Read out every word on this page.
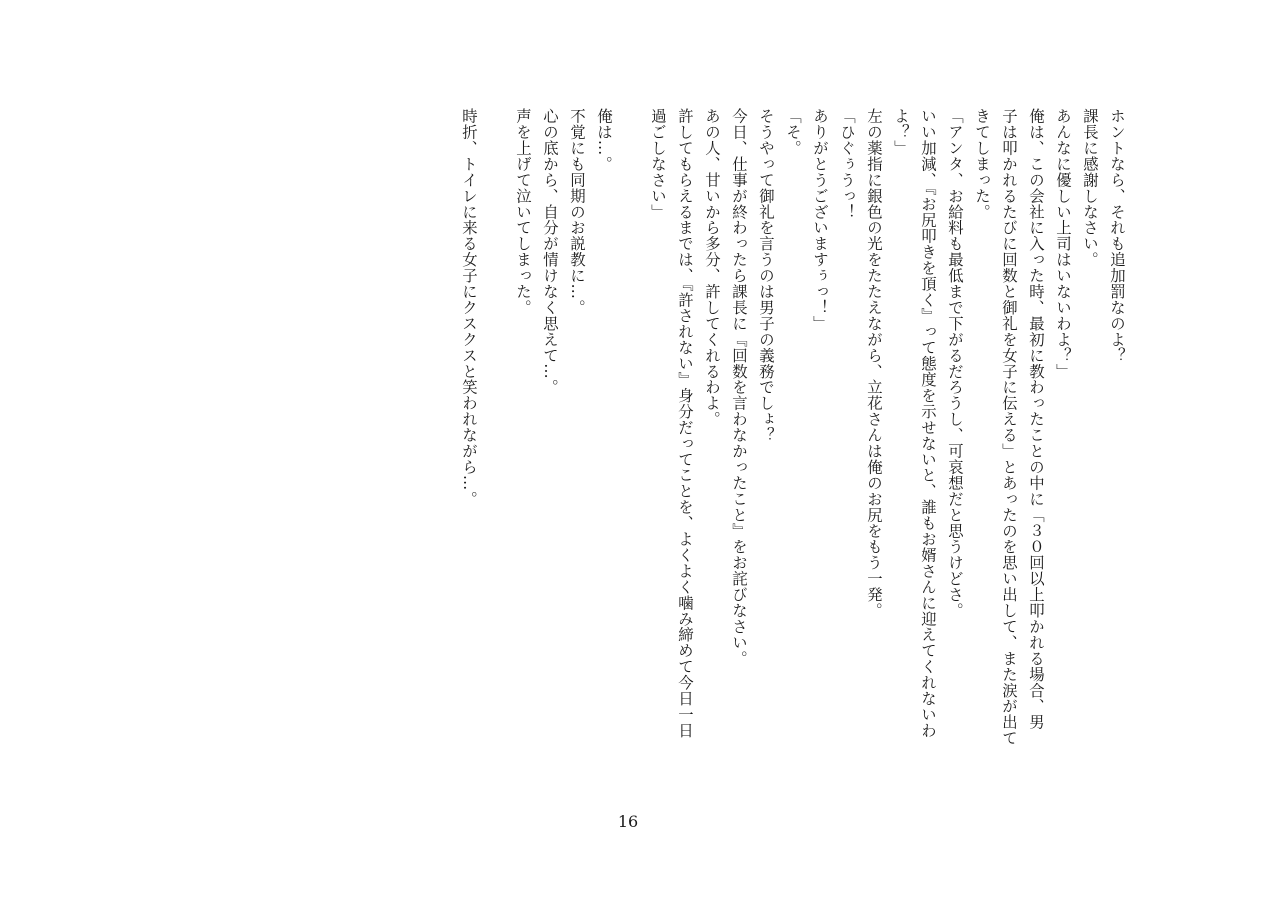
ホントなら、それも追加罰なのよ？
課長に感謝しなさい。
あんなに優しい上司はいないわよ？」
俺は、この会社に入った時、最初に教わったことの中に「３０回以上叩かれる場合、男
子は叩かれるたびに回数と御礼を女子に伝える」とあったのを思い出して、また涙が出て
きてしまった。
「アンタ、お給料も最低まで下がるだろうし、可哀想だと思うけどさ。
いい加減、『お尻叩きを頂く』って態度を示せないと、誰もお婿さんに迎えてくれないわ
よ？」
左の薬指に銀色の光をたたえながら、立花さんは俺のお尻をもう一発。
「ひぐぅうっ！
ありがとうございますぅっ！」
「そ。
そうやって御礼を言うのは男子の義務でしょ？
今日、仕事が終わったら課長に『回数を言わなかったこと』をお詫びなさい。
あの人、甘いから多分、許してくれるわよ。
許してもらえるまでは、『許されない』身分だってことを、よくよく噛み締めて今日一日
過ごしなさい」
俺は…。
不覚にも同期のお説教に…。
心の底から、自分が情けなく思えて…。
声を上げて泣いてしまった。
時折、トイレに来る女子にクスクスと笑われながら…。
16
